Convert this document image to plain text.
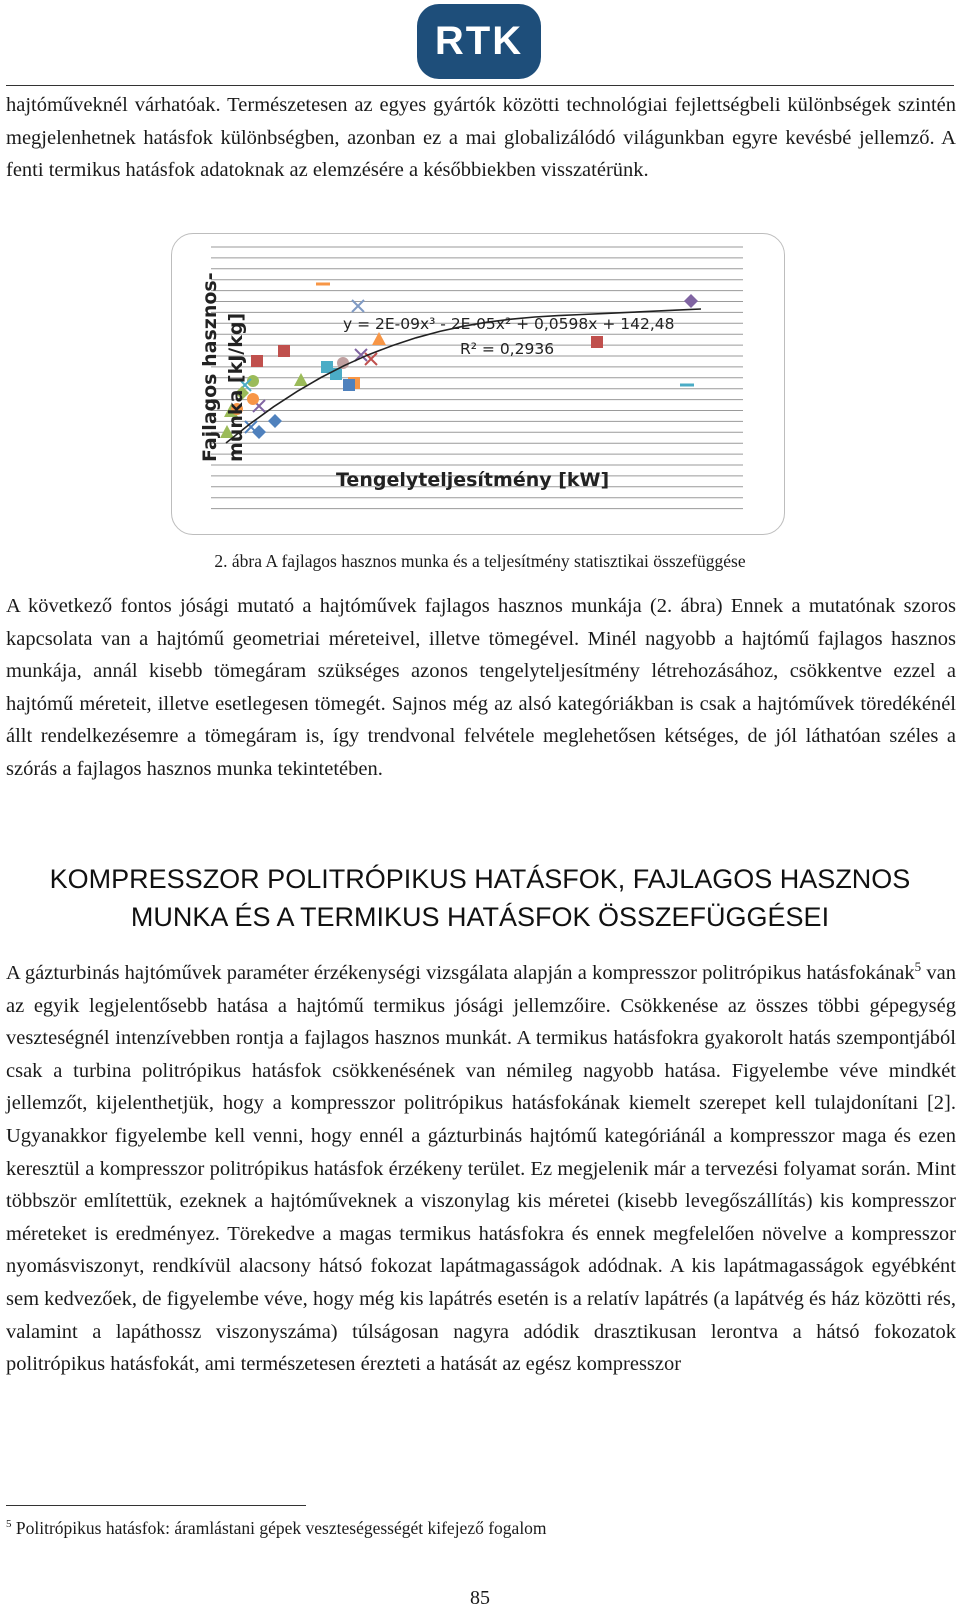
RTK

hajtóműveknél várhatóak. Természetesen az egyes gyártók közötti technológiai fejlettségbeli különbségek szintén megjelenhetnek hatásfok különbségben, azonban ez a mai globalizálódó világunkban egyre kevésbé jellemző. A fenti termikus hatásfok adatoknak az elemzésére a későbbiekben visszatérünk.

y = 2E-09x³ - 2E-05x² + 0,0598x + 142,48
R² = 0,2936
Tengelyteljesítmény [kW]
Fajlagos hasznos- munka [kJ/kg]

2. ábra A fajlagos hasznos munka és a teljesítmény statisztikai összefüggése

A következő fontos jósági mutató a hajtóművek fajlagos hasznos munkája (2. ábra) Ennek a mutatónak szoros kapcsolata van a hajtómű geometriai méreteivel, illetve tömegével. Minél nagyobb a hajtómű fajlagos hasznos munkája, annál kisebb tömegáram szükséges azonos tengelyteljesítmény létrehozásához, csökkentve ezzel a hajtómű méreteit, illetve esetlegesen tömegét. Sajnos még az alsó kategóriákban is csak a hajtóművek töredékénél állt rendelkezésemre a tömegáram is, így trendvonal felvétele meglehetősen kétséges, de jól láthatóan széles a szórás a fajlagos hasznos munka tekintetében.

KOMPRESSZOR POLITRÓPIKUS HATÁSFOK, FAJLAGOS HASZNOS
MUNKA ÉS A TERMIKUS HATÁSFOK ÖSSZEFÜGGÉSEI

A gázturbinás hajtóművek paraméter érzékenységi vizsgálata alapján a kompresszor politrópikus hatásfokának$^5$ van az egyik legjelentősebb hatása a hajtómű termikus jósági jellemzőire. Csökkenése az összes többi gépegység veszteségnél intenzívebben rontja a fajlagos hasznos munkát. A termikus hatásfokra gyakorolt hatás szempontjából csak a turbina politrópikus hatásfok csökkenésének van némileg nagyobb hatása. Figyelembe véve mindkét jellemzőt, kijelenthetjük, hogy a kompresszor politrópikus hatásfokának kiemelt szerepet kell tulajdonítani [2]. Ugyanakkor figyelembe kell venni, hogy ennél a gázturbinás hajtómű kategóriánál a kompresszor maga és ezen keresztül a kompresszor politrópikus hatásfok érzékeny terület. Ez megjelenik már a tervezési folyamat során. Mint többször említettük, ezeknek a hajtóműveknek a viszonylag kis méretei (kisebb levegőszállítás) kis kompresszor méreteket is eredményez. Törekedve a magas termikus hatásfokra és ennek megfelelően növelve a kompresszor nyomásviszonyt, rendkívül alacsony hátsó fokozat lapátmagasságok adódnak. A kis lapátmagasságok egyébként sem kedvezőek, de figyelembe véve, hogy még kis lapátrés esetén is a relatív lapátrés (a lapátvég és ház közötti rés, valamint a lapáthossz viszonyszáma) túlságosan nagyra adódik drasztikusan lerontva a hátsó fokozatok politrópikus hatásfokát, ami természetesen érezteti a hatását az egész kompresszor

$^5$ Politrópikus hatásfok: áramlástani gépek veszteségességét kifejező fogalom

85
